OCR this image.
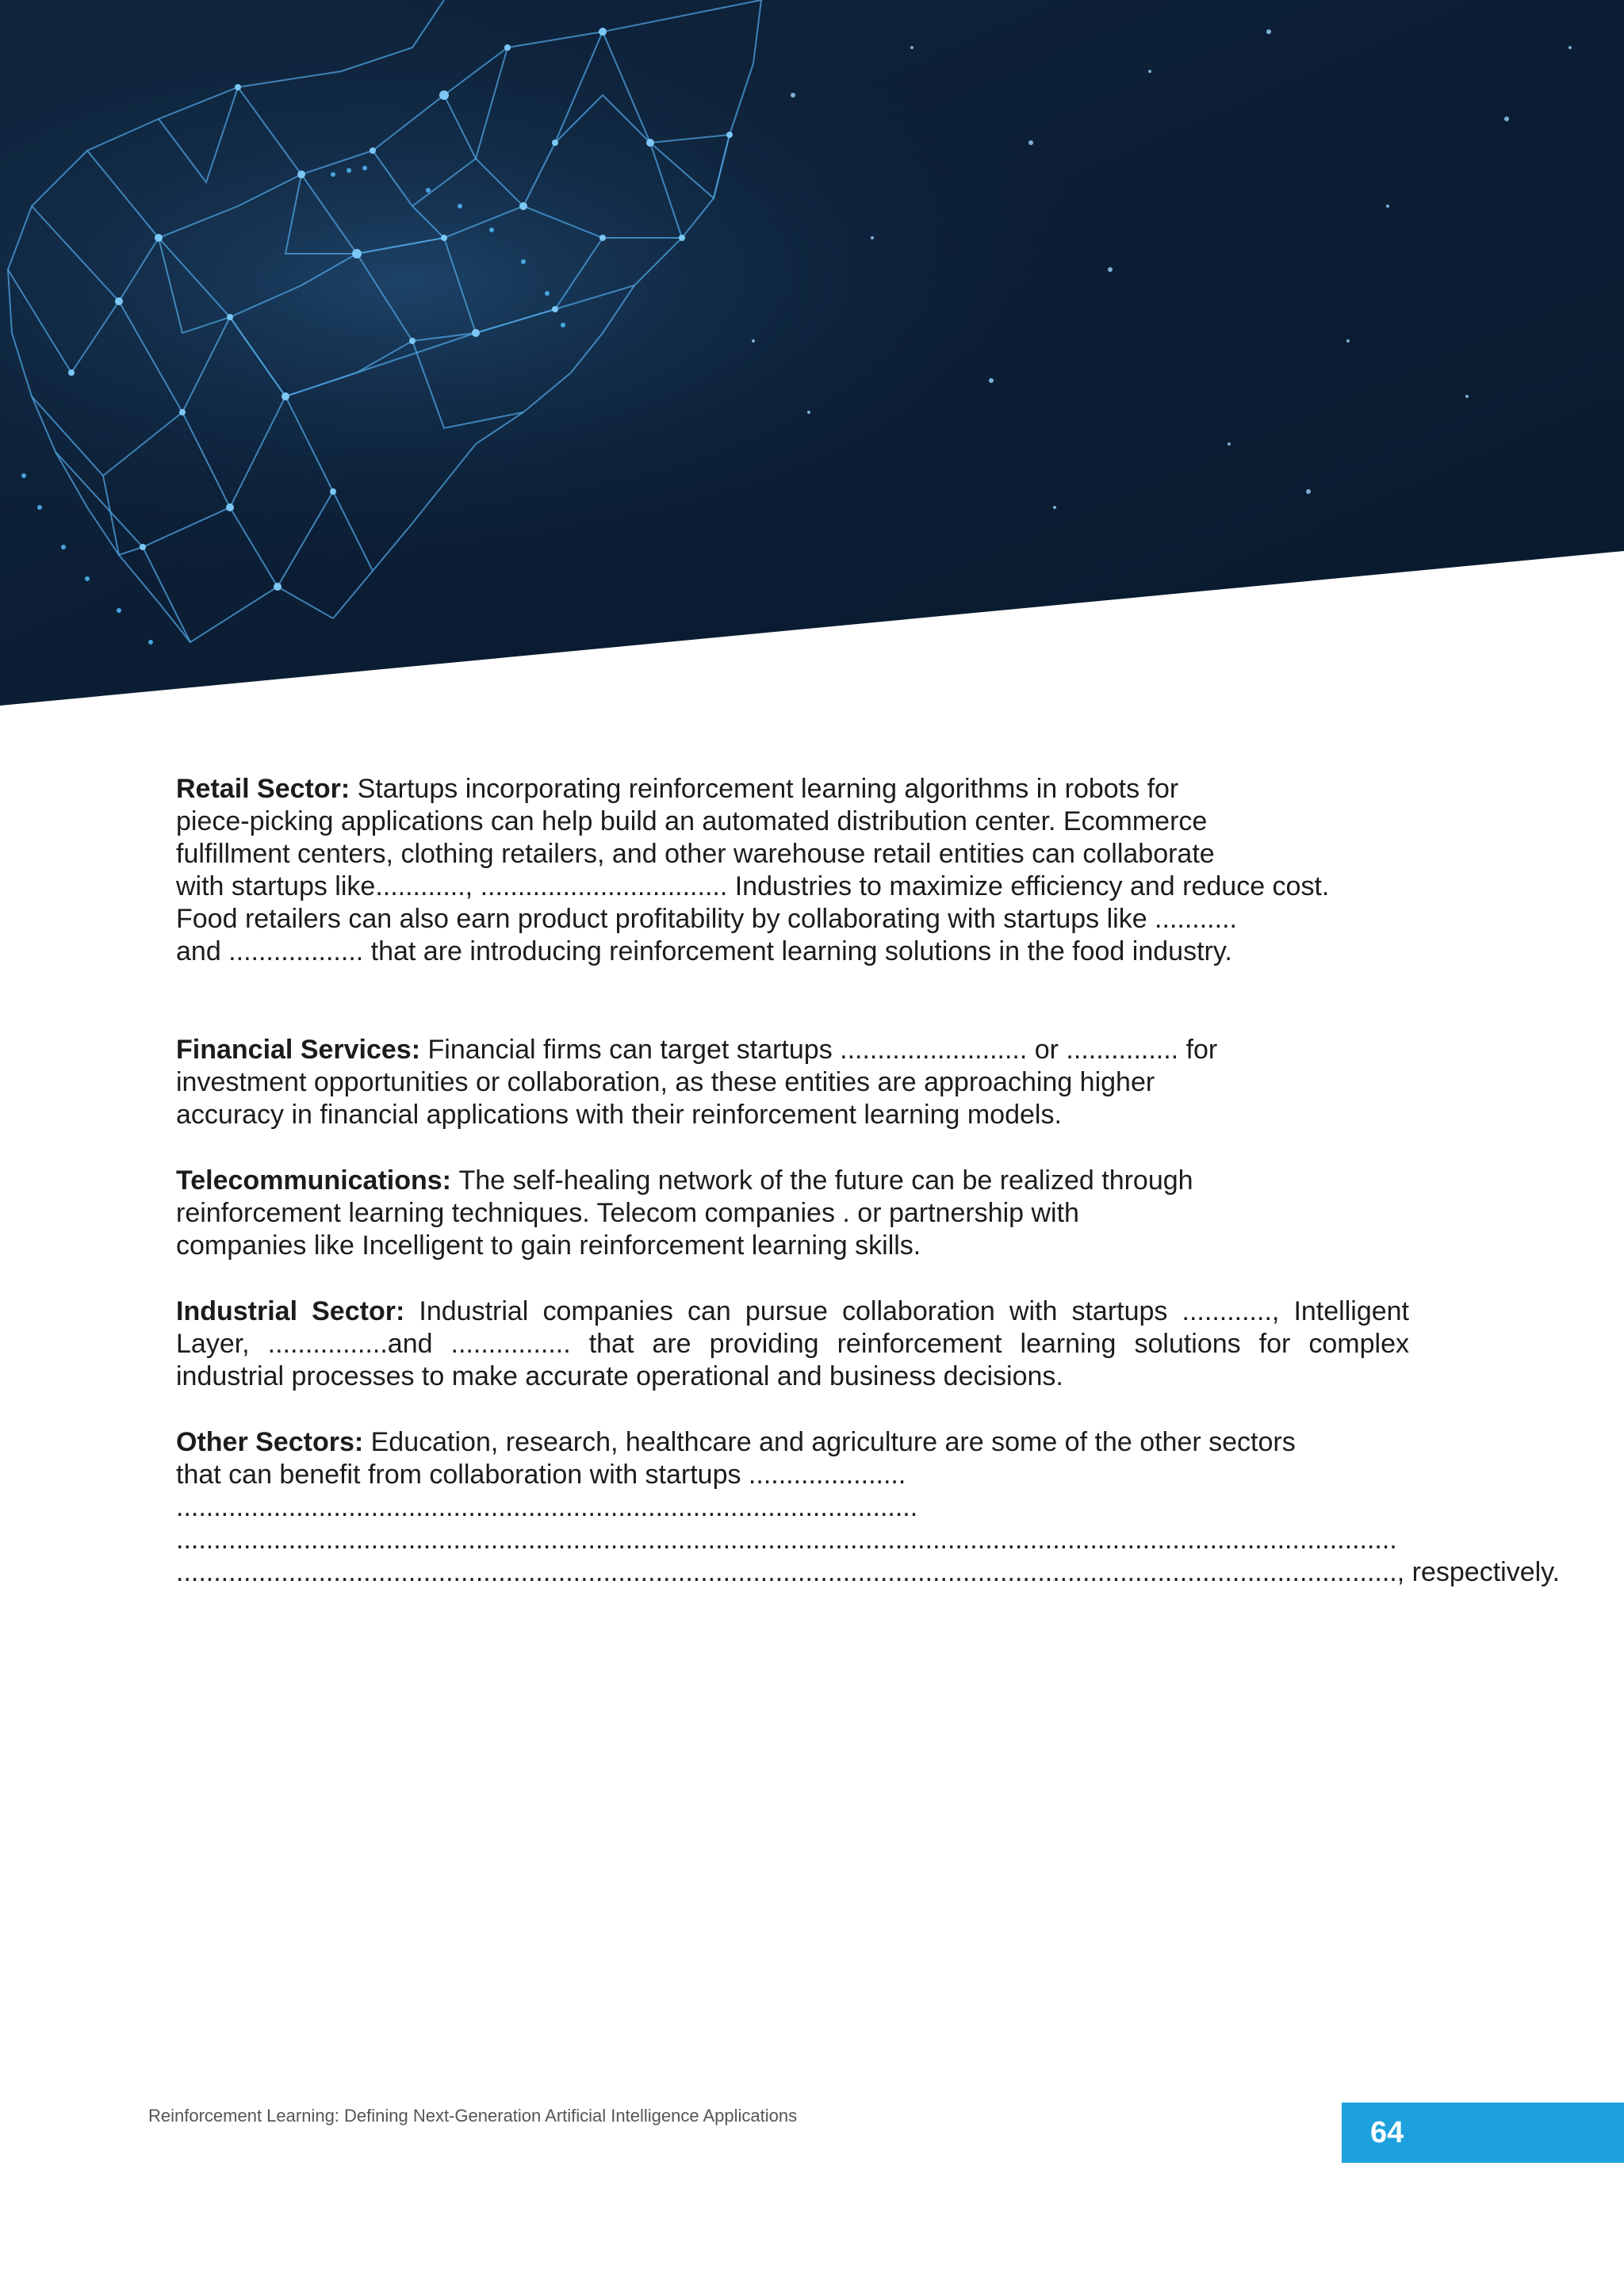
Retail Sector: Startups incorporating reinforcement learning algorithms in robots for
piece-picking applications can help build an automated distribution center. Ecommerce
fulfillment centers, clothing retailers, and other warehouse retail entities can collaborate
with startups like............, ................................. Industries to maximize efficiency and reduce cost.
Food retailers can also earn product profitability by collaborating with startups like ...........
and .................. that are introducing reinforcement learning solutions in the food industry.

Financial Services: Financial firms can target startups ......................... or ............... for
investment opportunities or collaboration, as these entities are approaching higher
accuracy in financial applications with their reinforcement learning models.

Telecommunications: The self-healing network of the future can be realized through
reinforcement learning techniques. Telecom companies . or partnership with
companies like Incelligent to gain reinforcement learning skills.

Industrial Sector: Industrial companies can pursue collaboration with startups ............, Intelligent Layer, ................and ................ that are providing reinforcement learning solutions for complex industrial processes to make accurate operational and business decisions.

Other Sectors: Education, research, healthcare and agriculture are some of the other sectors
that can benefit from collaboration with startups .....................
...................................................................................................
...................................................................................................................................................................
..................................................................................................................................................................., respectively.

Reinforcement Learning: Defining Next-Generation Artificial Intelligence Applications	64
